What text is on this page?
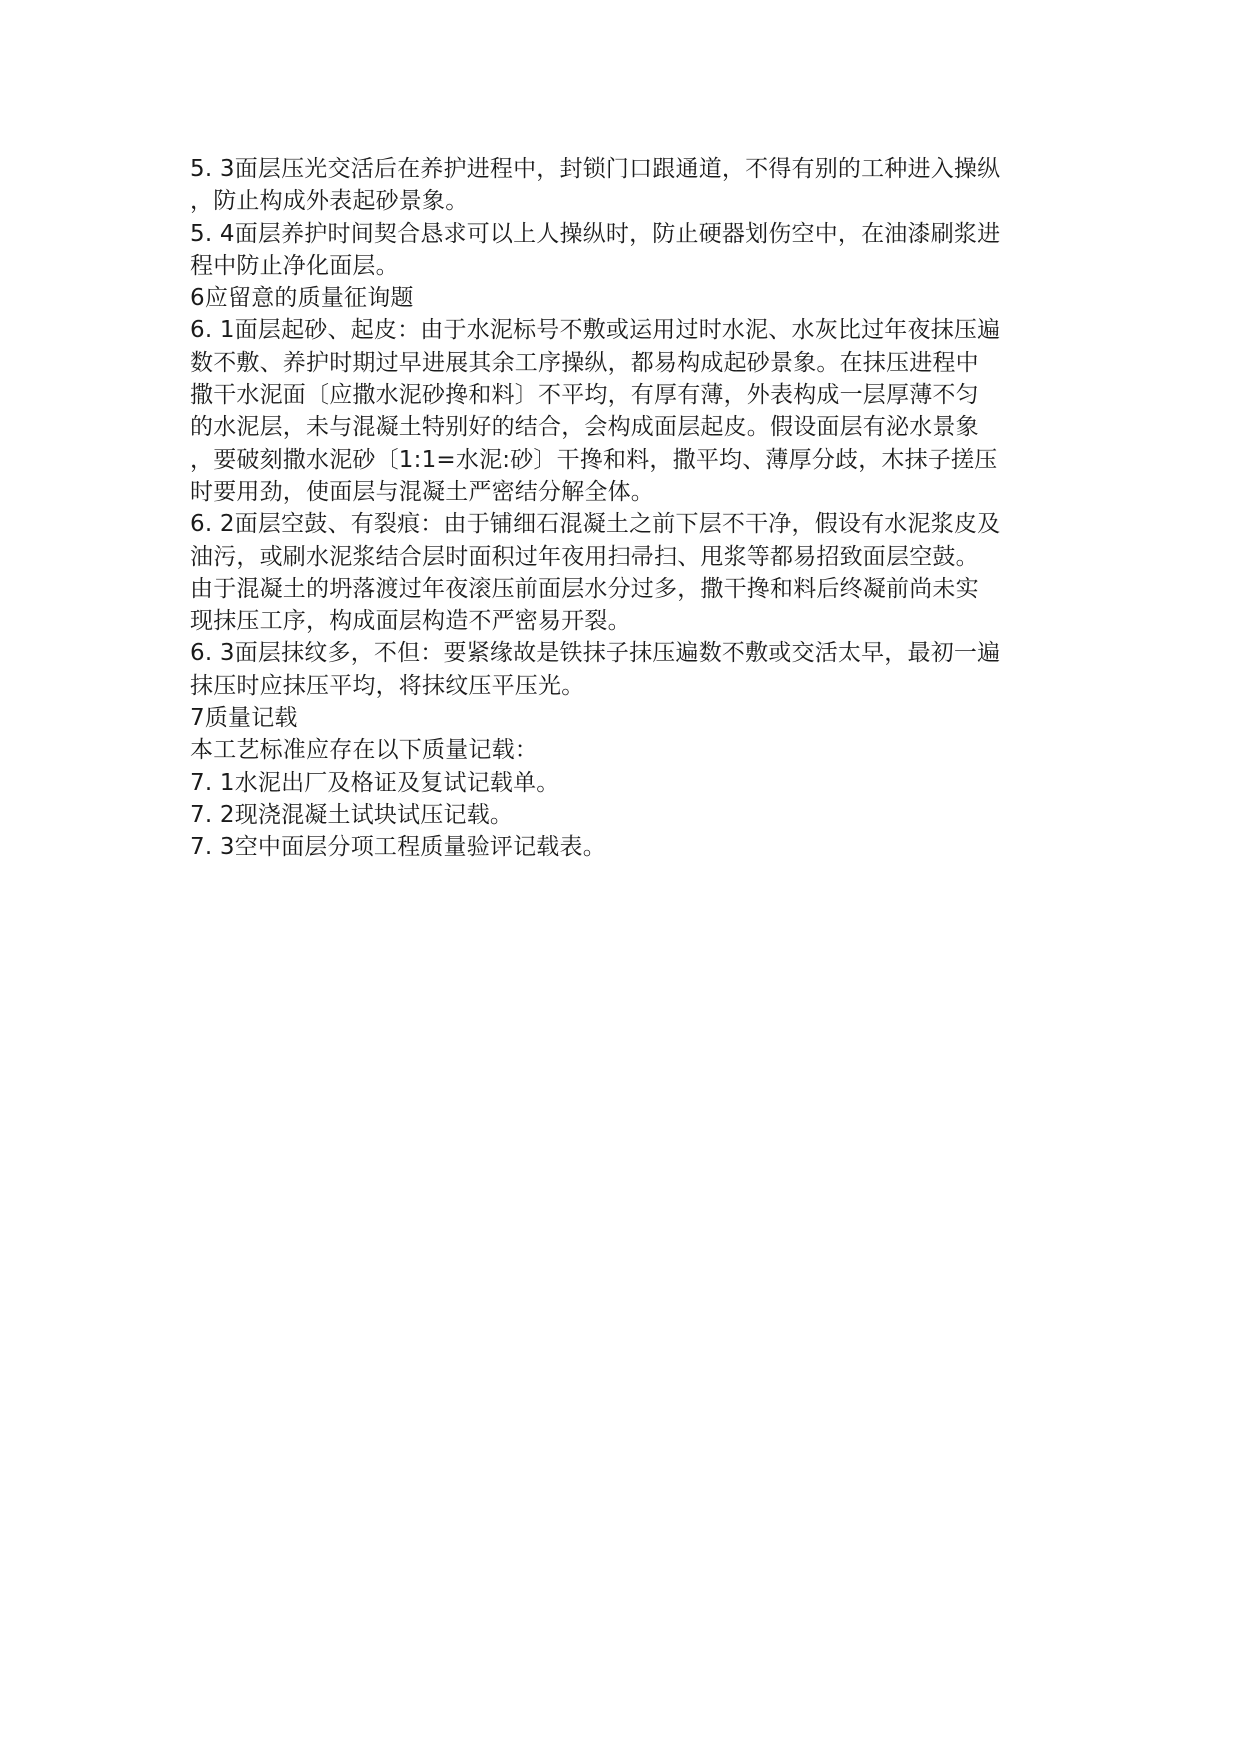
5. 3面层压光交活后在养护进程中，封锁门口跟通道，不得有别的工种进入操纵
，防止构成外表起砂景象。
5. 4面层养护时间契合恳求可以上人操纵时，防止硬器划伤空中，在油漆刷浆进
程中防止净化面层。
6应留意的质量征询题
6. 1面层起砂、起皮：由于水泥标号不敷或运用过时水泥、水灰比过年夜抹压遍
数不敷、养护时期过早进展其余工序操纵，都易构成起砂景象。在抹压进程中
撒干水泥面〔应撒水泥砂搀和料〕不平均，有厚有薄，外表构成一层厚薄不匀
的水泥层，未与混凝土特别好的结合，会构成面层起皮。假设面层有泌水景象
，要破刻撒水泥砂〔1:1=水泥:砂〕干搀和料，撒平均、薄厚分歧，木抹子搓压
时要用劲，使面层与混凝土严密结分解全体。
6. 2面层空鼓、有裂痕：由于铺细石混凝土之前下层不干净，假设有水泥浆皮及
油污，或刷水泥浆结合层时面积过年夜用扫帚扫、甩浆等都易招致面层空鼓。
由于混凝土的坍落渡过年夜滚压前面层水分过多，撒干搀和料后终凝前尚未实
现抹压工序，构成面层构造不严密易开裂。
6. 3面层抹纹多，不但：要紧缘故是铁抹子抹压遍数不敷或交活太早，最初一遍
抹压时应抹压平均，将抹纹压平压光。
7质量记载
本工艺标准应存在以下质量记载：
7. 1水泥出厂及格证及复试记载单。
7. 2现浇混凝土试块试压记载。
7. 3空中面层分项工程质量验评记载表。
